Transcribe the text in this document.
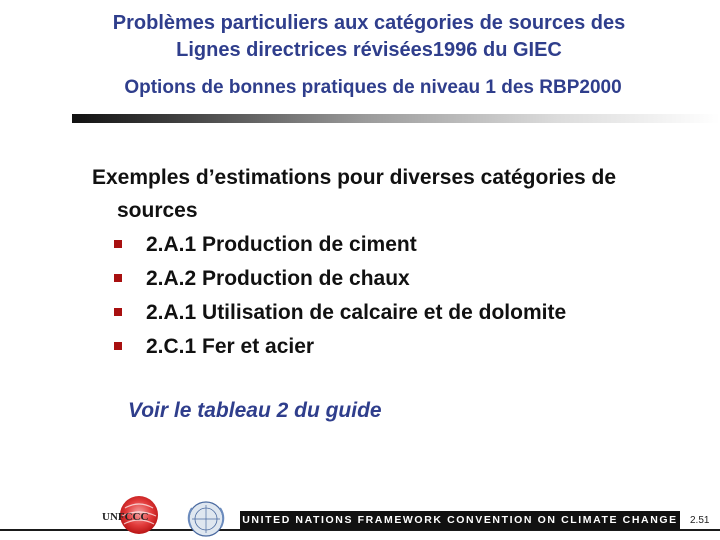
Problèmes particuliers aux catégories de sources des
Lignes directrices révisées1996 du GIEC
Options de bonnes pratiques de niveau 1 des RBP2000

Exemples d’estimations pour diverses catégories de
sources

2.A.1 Production de ciment
2.A.2 Production de chaux
2.A.1 Utilisation de calcaire et de dolomite
2.C.1 Fer et acier
Voir le tableau 2 du guide
UNFCCC	UNITED NATIONS FRAMEWORK CONVENTION ON CLIMATE CHANGE 2.51
